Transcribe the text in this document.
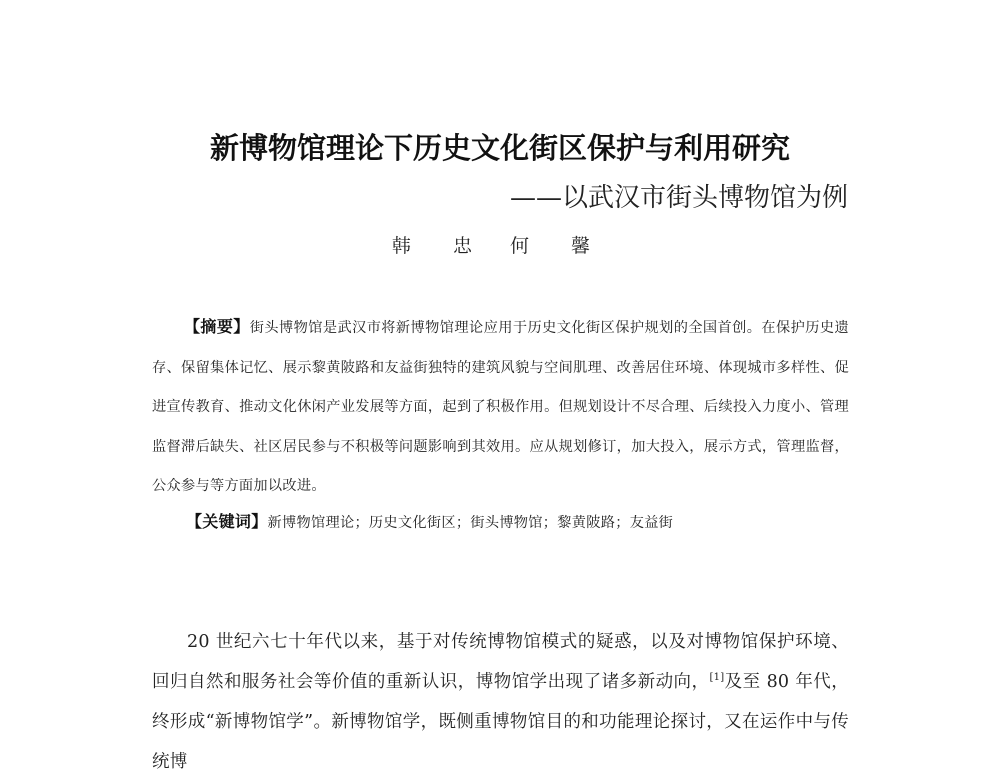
新博物馆理论下历史文化街区保护与利用研究
——以武汉市街头博物馆为例
韩 忠 何 馨
【摘要】街头博物馆是武汉市将新博物馆理论应用于历史文化街区保护规划的全国首创。在保护历史遗存、保留集体记忆、展示黎黄陂路和友益街独特的建筑风貌与空间肌理、改善居住环境、体现城市多样性、促进宣传教育、推动文化休闲产业发展等方面，起到了积极作用。但规划设计不尽合理、后续投入力度小、管理监督滞后缺失、社区居民参与不积极等问题影响到其效用。应从规划修订，加大投入，展示方式，管理监督，公众参与等方面加以改进。
【关键词】新博物馆理论；历史文化街区；街头博物馆；黎黄陂路；友益街
20 世纪六七十年代以来，基于对传统博物馆模式的疑惑，以及对博物馆保护环境、回归自然和服务社会等价值的重新认识，博物馆学出现了诸多新动向，[1]及至 80 年代，终形成“新博物馆学”。新博物馆学，既侧重博物馆目的和功能理论探讨，又在运作中与传统博
